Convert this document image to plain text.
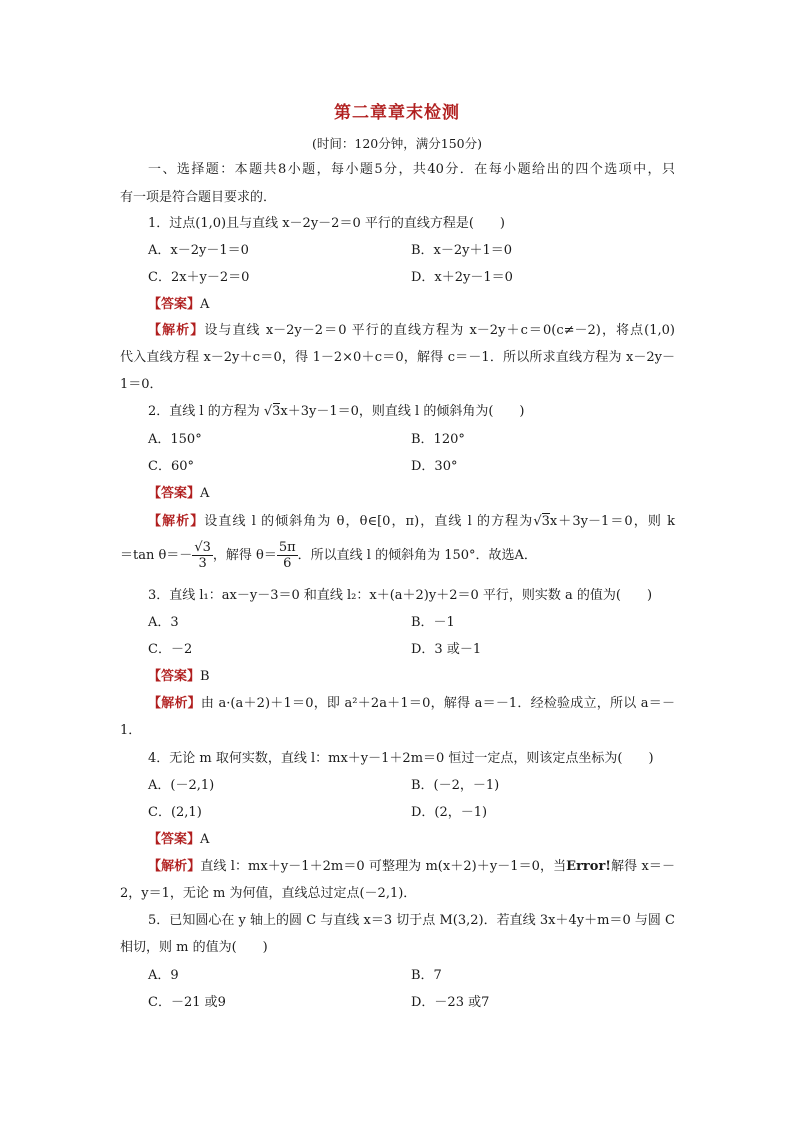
第二章章末检测
(时间：120分钟，满分150分)
一、选择题：本题共8小题，每小题5分，共40分．在每小题给出的四个选项中，只
有一项是符合题目要求的．
1．过点(1,0)且与直线 x－2y－2＝0 平行的直线方程是(　　)
A．x－2y－1＝0	B．x－2y＋1＝0
C．2x＋y－2＝0	D．x＋2y－1＝0
【答案】A
【解析】设与直线 x－2y－2＝0 平行的直线方程为 x－2y＋c＝0(c≠－2)，将点(1,0)
代入直线方程 x－2y＋c＝0，得 1－2×0＋c＝0，解得 c＝－1．所以所求直线方程为 x－2y－
1＝0．
2．直线 l 的方程为 √
3x＋3y－1＝0，则直线 l 的倾斜角为(　　)
A．150°	B．120°
C．60°	D．30°
【答案】A
【解析】设直线 l 的倾斜角为 θ，θ∈[0，π)，直线 l 的方程为√
3x＋3y－1＝0，则 k
＝tan $\theta=- \frac{√3}{3}$ ，解得 $\theta= \frac{5\pi}{6}$ ．所以直线 l 的倾斜角为 150°．故选A．
3．直线 l₁：ax－y－3＝0 和直线 l₂：x＋(a＋2)y＋2＝0 平行，则实数 a 的值为(　　)
A．3	B．－1
C．－2	D．3 或－1
【答案】B
【解析】由 a·(a＋2)＋1＝0，即 a²＋2a＋1＝0，解得 a＝－1．经检验成立，所以 a＝－
1．
4．无论 m 取何实数，直线 l：mx＋y－1＋2m＝0 恒过一定点，则该定点坐标为(　　)
A．(－2,1)	B．(－2，－1)
C．(2,1)	D．(2，－1)
【答案】A
【解析】直线 l：mx＋y－1＋2m＝0 可整理为 m(x＋2)＋y－1＝0，当Error!解得 x＝－
2，y＝1，无论 m 为何值，直线总过定点(－2,1)．
5．已知圆心在 y 轴上的圆 C 与直线 x＝3 切于点 M(3,2)．若直线 3x＋4y＋m＝0 与圆 C
相切，则 m 的值为(　　)
A．9	B．7
C．－21 或9	D．－23 或7
